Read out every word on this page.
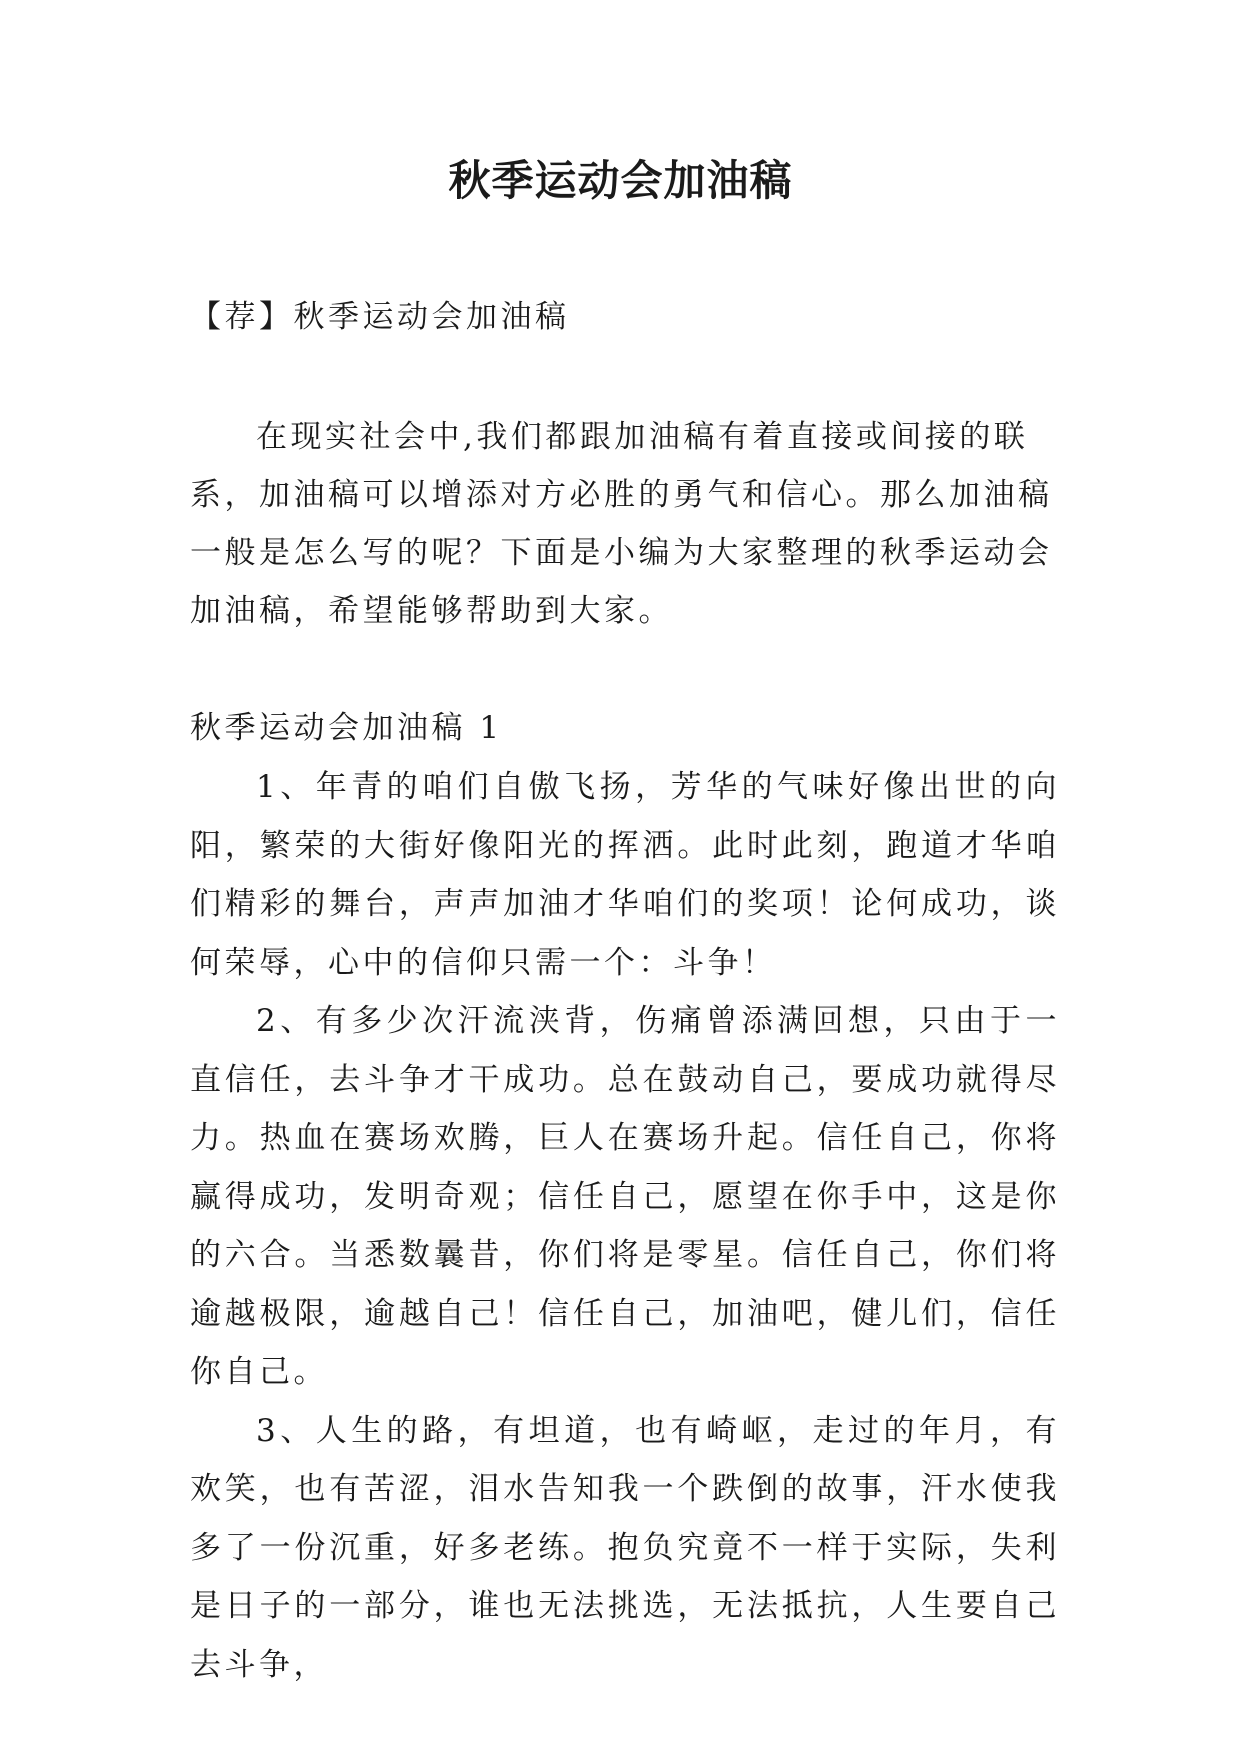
秋季运动会加油稿
【荐】秋季运动会加油稿

在现实社会中,我们都跟加油稿有着直接或间接的联系，加油稿可以增添对方必胜的勇气和信心。那么加油稿一般是怎么写的呢？下面是小编为大家整理的秋季运动会加油稿，希望能够帮助到大家。

秋季运动会加油稿 1

1、年青的咱们自傲飞扬，芳华的气味好像出世的向阳，繁荣的大街好像阳光的挥洒。此时此刻，跑道才华咱们精彩的舞台，声声加油才华咱们的奖项！论何成功，谈何荣辱，心中的信仰只需一个：斗争！

2、有多少次汗流浃背，伤痛曾添满回想，只由于一直信任，去斗争才干成功。总在鼓动自己，要成功就得尽力。热血在赛场欢腾，巨人在赛场升起。信任自己，你将赢得成功，发明奇观；信任自己，愿望在你手中，这是你的六合。当悉数曩昔，你们将是零星。信任自己，你们将逾越极限，逾越自己！信任自己，加油吧，健儿们，信任你自己。

3、人生的路，有坦道，也有崎岖，走过的年月，有欢笑，也有苦涩，泪水告知我一个跌倒的故事，汗水使我多了一份沉重，好多老练。抱负究竟不一样于实际，失利是日子的一部分，谁也无法挑选，无法抵抗，人生要自己去斗争，
